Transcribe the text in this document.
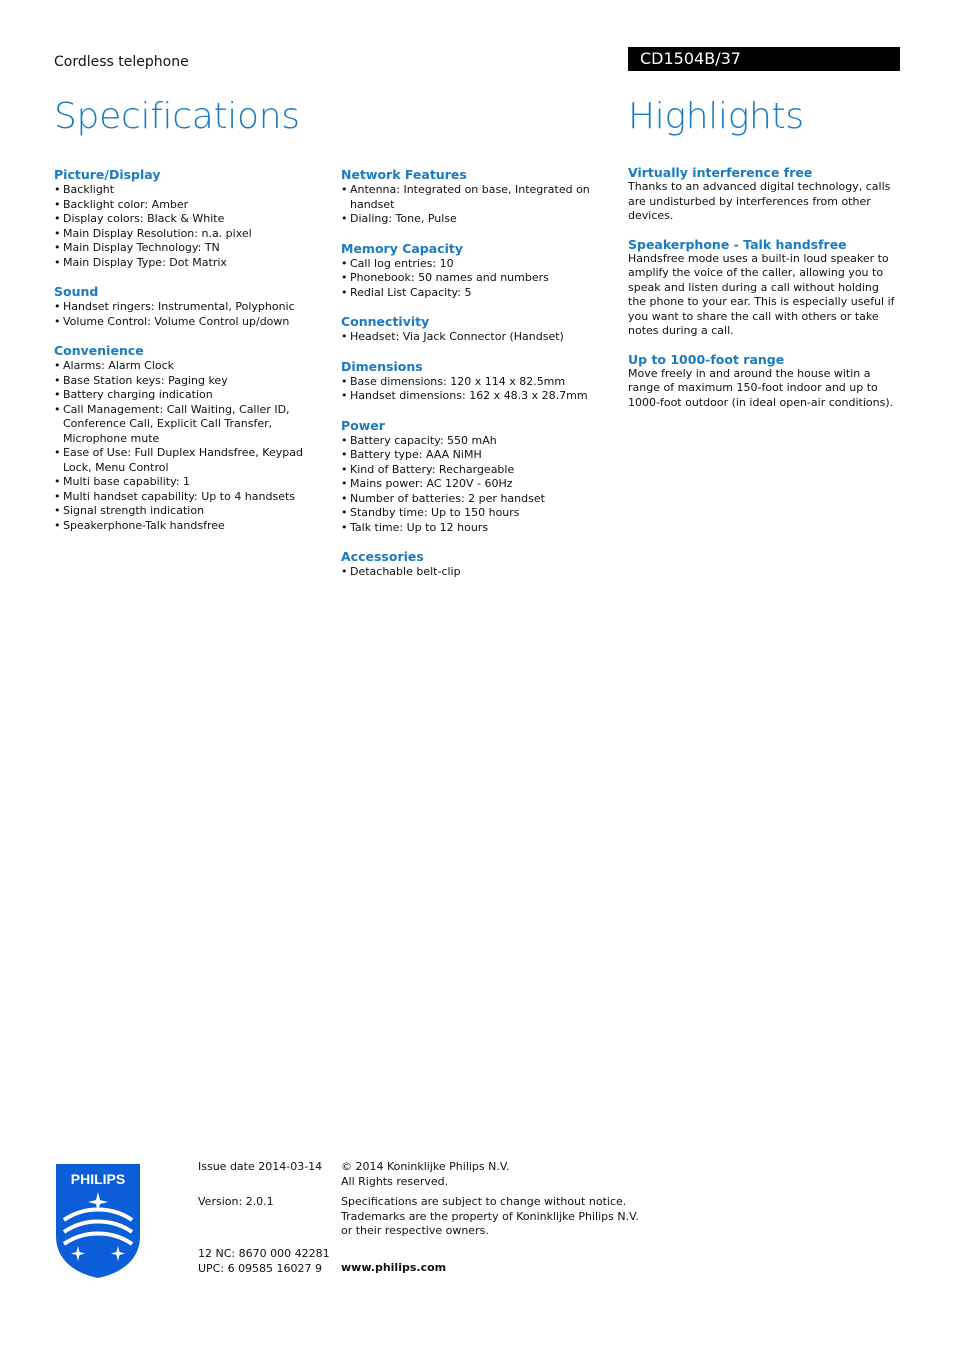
Cordless telephone	CD1504B/37
Specifications	Highlights
Picture/Display
• Backlight
• Backlight color: Amber
• Display colors: Black & White
• Main Display Resolution: n.a. pixel
• Main Display Technology: TN
• Main Display Type: Dot Matrix
Sound
• Handset ringers: Instrumental, Polyphonic
• Volume Control: Volume Control up/down
Convenience
• Alarms: Alarm Clock
• Base Station keys: Paging key
• Battery charging indication
• Call Management: Call Waiting, Caller ID, Conference Call, Explicit Call Transfer, Microphone mute
• Ease of Use: Full Duplex Handsfree, Keypad Lock, Menu Control
• Multi base capability: 1
• Multi handset capability: Up to 4 handsets
• Signal strength indication
• Speakerphone-Talk handsfree
Network Features
• Antenna: Integrated on base, Integrated on handset
• Dialing: Tone, Pulse
Memory Capacity
• Call log entries: 10
• Phonebook: 50 names and numbers
• Redial List Capacity: 5
Connectivity
• Headset: Via Jack Connector (Handset)
Dimensions
• Base dimensions: 120 x 114 x 82.5mm
• Handset dimensions: 162 x 48.3 x 28.7mm
Power
• Battery capacity: 550 mAh
• Battery type: AAA NiMH
• Kind of Battery: Rechargeable
• Mains power: AC 120V - 60Hz
• Number of batteries: 2 per handset
• Standby time: Up to 150 hours
• Talk time: Up to 12 hours
Accessories
• Detachable belt-clip
Virtually interference free
Thanks to an advanced digital technology, calls are undisturbed by interferences from other devices.
Speakerphone - Talk handsfree
Handsfree mode uses a built-in loud speaker to amplify the voice of the caller, allowing you to speak and listen during a call without holding the phone to your ear. This is especially useful if you want to share the call with others or take notes during a call.
Up to 1000-foot range
Move freely in and around the house witin a range of maximum 150-foot indoor and up to 1000-foot outdoor (in ideal open-air conditions).
PHILIPS
Issue date 2014-03-14
Version: 2.0.1
12 NC: 8670 000 42281
UPC: 6 09585 16027 9
© 2014 Koninklijke Philips N.V.
All Rights reserved.
Specifications are subject to change without notice.
Trademarks are the property of Koninklijke Philips N.V.
or their respective owners.
www.philips.com
